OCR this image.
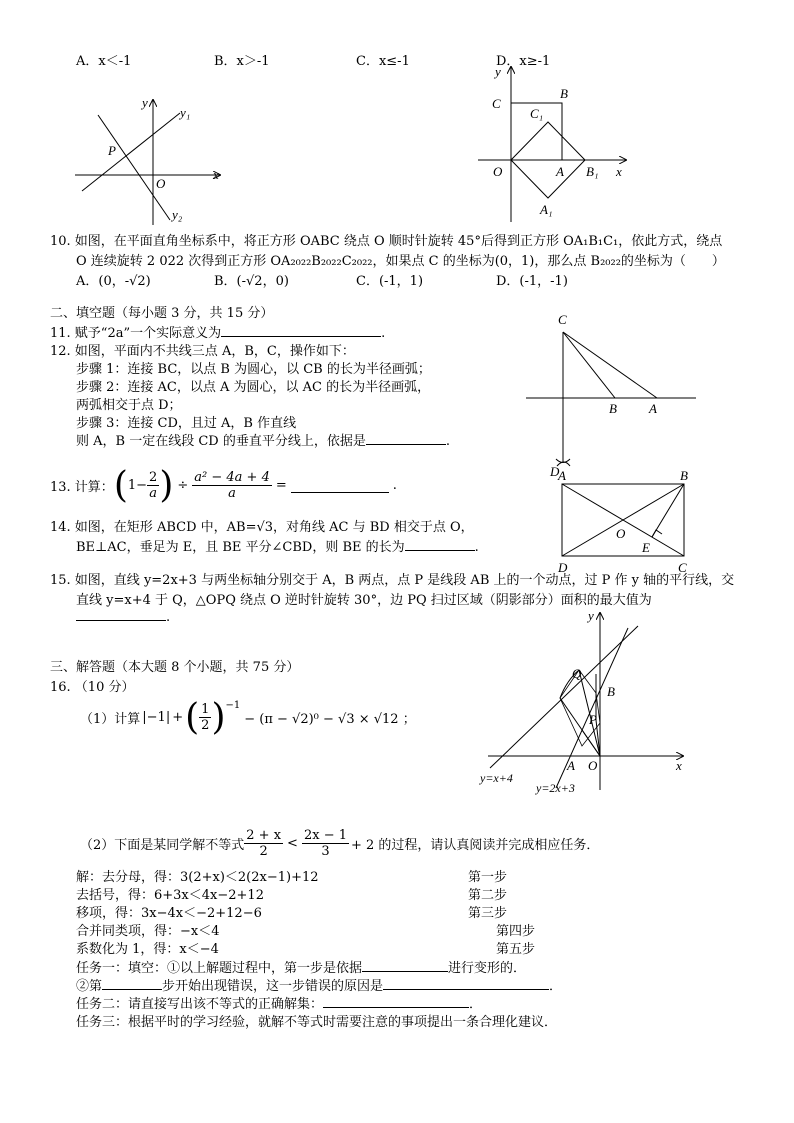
A．x＜-1	B．x＞-1	C．x≤-1	D．x≥-1
y
y₁
x
P
O
y₂
y
C
B
C₁
O	A B₁ x
A₁
10. 如图，在平面直角坐标系中，将正方形 OABC 绕点 O 顺时针旋转 45°后得到正方形 OA₁B₁C₁，依此方式，绕点
O 连续旋转 2 022 次得到正方形 OA₂₀₂₂B₂₀₂₂C₂₀₂₂，如果点 C 的坐标为(0，1)，那么点 B₂₀₂₂的坐标为（　　）
A．(0，-√2)	B．(-√2，0)	C．(-1，1)	D．(-1，-1)
二、填空题（每小题 3 分，共 15 分）
11. 赋予“2a”一个实际意义为	.
12. 如图，平面内不共线三点 A，B，C，操作如下：
步骤 1：连接 BC，以点 B 为圆心，以 CB 的长为半径画弧；
步骤 2：连接 AC，以点 A 为圆心，以 AC 的长为半径画弧，
两弧相交于点 D；
步骤 3：连接 CD，且过 A，B 作直线
则 A，B 一定在线段 CD 的垂直平分线上，依据是	.
C
B A
D
13. 计算： ( $1- \frac{2}{a}$ ) ÷ $\frac{\text{a² − 4a + 4}}{a}$ =	.
A	B
O
E
D	C
14. 如图，在矩形 ABCD 中，AB=√3，对角线 AC 与 BD 相交于点 O，
BE⊥AC，垂足为 E，且 BE 平分∠CBD，则 BE 的长为	.
15. 如图，直线 y=2x+3 与两坐标轴分别交于 A，B 两点，点 P 是线段 AB 上的一个动点，过 P 作 y 轴的平行线，交
直线 y=x+4 于 Q，△OPQ 绕点 O 逆时针旋转 30°，边 PQ 扫过区域（阴影部分）面积的最大值为
.	y
Q
B
P
A O	x
y=x+4
y=2x+3
三、解答题（本大题 8 个小题，共 75 分）
16. （10 分）
（1）计算 |−1| + ( $\frac{1}{2} )^{-1}$
− (π − √2)⁰ − √3 × √12 ；
（2）下面是某同学解不等式 $\frac{2 + x}{2} < \frac{2x - 1}{3} + 2$ 的过程，请认真阅读并完成相应任务．
解：去分母，得：3(2+x)＜2(2x−1)+12	第一步
去括号，得：6+3x＜4x−2+12	第二步
移项，得：3x−4x＜−2+12−6	第三步
合并同类项，得：−x＜4	第四步
系数化为 1，得：x＜−4	第五步
任务一：填空：①以上解题过程中，第一步是依据	进行变形的．
②第	步开始出现错误，这一步错误的原因是	．
任务二：请直接写出该不等式的正确解集：	．
任务三：根据平时的学习经验，就解不等式时需要注意的事项提出一条合理化建议．
